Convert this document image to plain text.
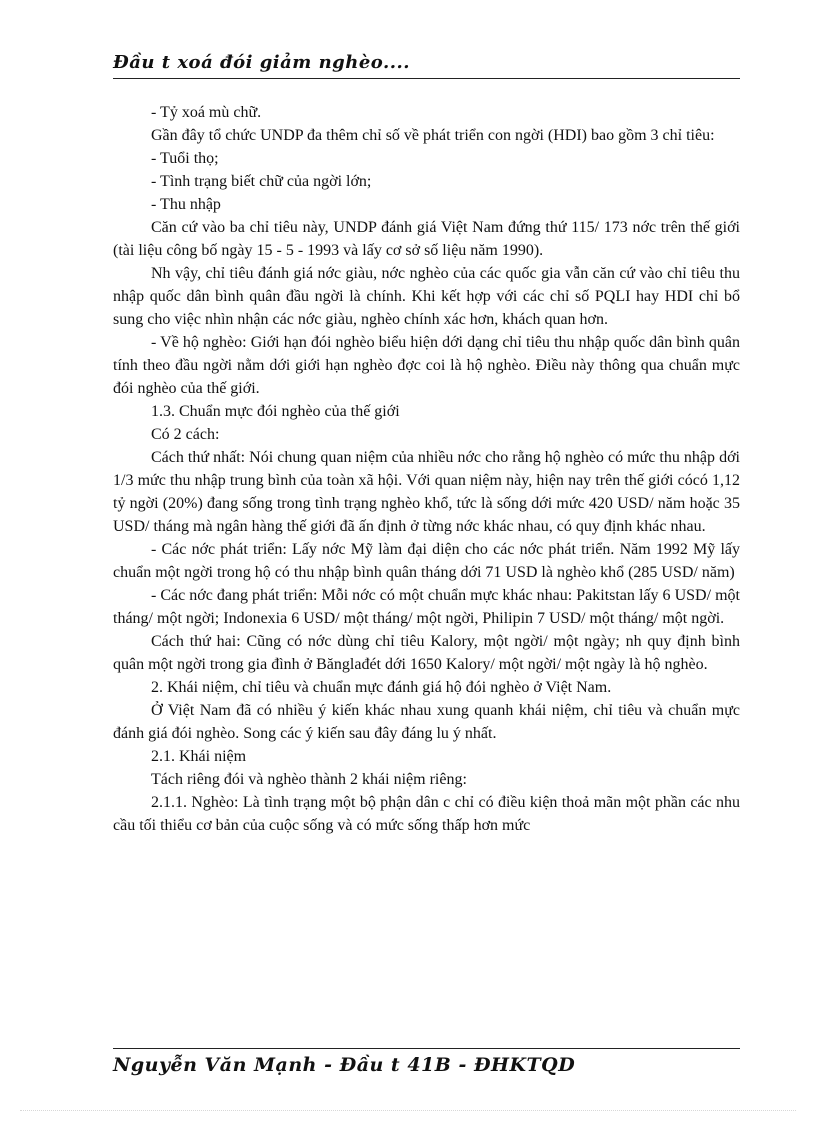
Đầu t xoá đói giảm nghèo....

- Tỷ xoá mù chữ.

Gần đây tổ chức UNDP đa thêm chỉ số về phát triển con ngời (HDI) bao gồm 3 chỉ tiêu:

- Tuổi thọ;

- Tình trạng biết chữ của ngời lớn;

- Thu nhập

Căn cứ vào ba chỉ tiêu này, UNDP đánh giá Việt Nam đứng thứ 115/ 173 nớc trên thế giới (tài liệu công bố ngày 15 - 5 - 1993 và lấy cơ sở số liệu năm 1990).

Nh vậy, chỉ tiêu đánh giá nớc giàu, nớc nghèo của các quốc gia vẫn căn cứ vào chỉ tiêu thu nhập quốc dân bình quân đầu ngời là chính. Khi kết hợp với các chỉ số PQLI hay HDI chỉ bổ sung cho việc nhìn nhận các nớc giàu, nghèo chính xác hơn, khách quan hơn.

- Về hộ nghèo: Giới hạn đói nghèo biểu hiện dới dạng chỉ tiêu thu nhập quốc dân bình quân tính theo đầu ngời nằm dới giới hạn nghèo đợc coi là hộ nghèo. Điều này thông qua chuẩn mực đói nghèo của thế giới.

1.3. Chuẩn mực đói nghèo của thế giới

Có 2 cách:

Cách thứ nhất: Nói chung quan niệm của nhiều nớc cho rằng hộ nghèo có mức thu nhập dới 1/3 mức thu nhập trung bình của toàn xã hội. Với quan niệm này, hiện nay trên thế giới cócó 1,12 tỷ ngời (20%) đang sống trong tình trạng nghèo khổ, tức là sống dới mức 420 USD/ năm hoặc 35 USD/ tháng mà ngân hàng thế giới đã ấn định ở từng nớc khác nhau, có quy định khác nhau.

- Các nớc phát triển: Lấy nớc Mỹ làm đại diện cho các nớc phát triển. Năm 1992 Mỹ lấy chuẩn một ngời trong hộ có thu nhập bình quân tháng dới 71 USD là nghèo khổ (285 USD/ năm)

- Các nớc đang phát triển: Mỗi nớc có một chuẩn mực khác nhau: Pakitstan lấy 6 USD/ một tháng/ một ngời; Indonexia 6 USD/ một tháng/ một ngời, Philipin 7 USD/ một tháng/ một ngời.

Cách thứ hai: Cũng có nớc dùng chỉ tiêu Kalory, một ngời/ một ngày; nh quy định bình quân một ngời trong gia đình ở Bănglađét dới 1650 Kalory/ một ngời/ một ngày là hộ nghèo.

2. Khái niệm, chỉ tiêu và chuẩn mực đánh giá hộ đói nghèo ở Việt Nam.

Ở Việt Nam đã có nhiều ý kiến khác nhau xung quanh khái niệm, chỉ tiêu và chuẩn mực đánh giá đói nghèo. Song các ý kiến sau đây đáng lu ý nhất.

2.1. Khái niệm

Tách riêng đói và nghèo thành 2 khái niệm riêng:

2.1.1. Nghèo: Là tình trạng một bộ phận dân c chỉ có điều kiện thoả mãn một phần các nhu cầu tối thiểu cơ bản của cuộc sống và có mức sống thấp hơn mức

Nguyễn Văn Mạnh - Đầu t 41B - ĐHKTQD
